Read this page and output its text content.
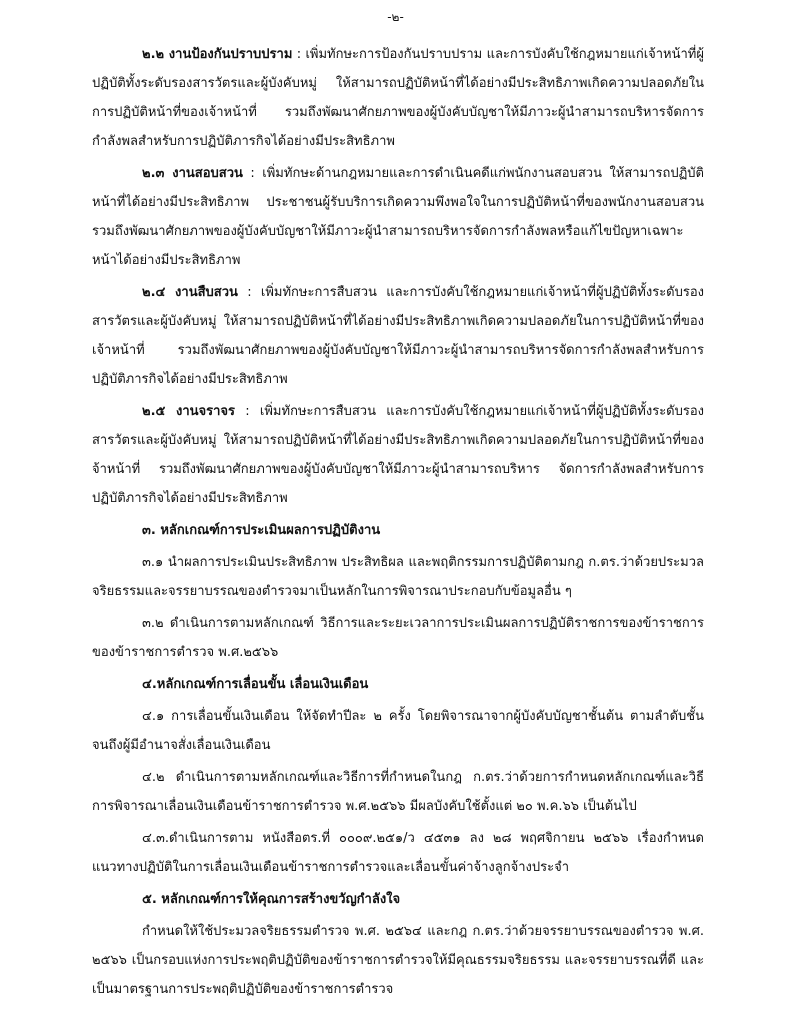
-๒-

๒.๒ งานป้องกันปราบปราม : เพิ่มทักษะการป้องกันปราบปราม และการบังคับใช้กฎหมายแก่เจ้าหน้าที่ผู้ปฏิบัติทั้งระดับรองสารวัตรและผู้บังคับหมู่ ให้สามารถปฏิบัติหน้าที่ได้อย่างมีประสิทธิภาพเกิดความปลอดภัยในการปฏิบัติหน้าที่ของเจ้าหน้าที่ รวมถึงพัฒนาศักยภาพของผู้บังคับบัญชาให้มีภาวะผู้นำสามารถบริหารจัดการกำลังพลสำหรับการปฏิบัติภารกิจได้อย่างมีประสิทธิภาพ

๒.๓ งานสอบสวน : เพิ่มทักษะด้านกฎหมายและการดำเนินคดีแก่พนักงานสอบสวน ให้สามารถปฏิบัติหน้าที่ได้อย่างมีประสิทธิภาพ ประชาชนผู้รับบริการเกิดความพึงพอใจในการปฏิบัติหน้าที่ของพนักงานสอบสวน รวมถึงพัฒนาศักยภาพของผู้บังคับบัญชาให้มีภาวะผู้นำสามารถบริหารจัดการกำลังพลหรือแก้ไขปัญหาเฉพาะหน้าได้อย่างมีประสิทธิภาพ

๒.๔ งานสืบสวน : เพิ่มทักษะการสืบสวน และการบังคับใช้กฎหมายแก่เจ้าหน้าที่ผู้ปฏิบัติทั้งระดับรองสารวัตรและผู้บังคับหมู่ ให้สามารถปฏิบัติหน้าที่ได้อย่างมีประสิทธิภาพเกิดความปลอดภัยในการปฏิบัติหน้าที่ของเจ้าหน้าที่ รวมถึงพัฒนาศักยภาพของผู้บังคับบัญชาให้มีภาวะผู้นำสามารถบริหารจัดการกำลังพลสำหรับการปฏิบัติภารกิจได้อย่างมีประสิทธิภาพ

๒.๕ งานจราจร : เพิ่มทักษะการสืบสวน และการบังคับใช้กฎหมายแก่เจ้าหน้าที่ผู้ปฏิบัติทั้งระดับรองสารวัตรและผู้บังคับหมู่ ให้สามารถปฏิบัติหน้าที่ได้อย่างมีประสิทธิภาพเกิดความปลอดภัยในการปฏิบัติหน้าที่ของจ้าหน้าที่ รวมถึงพัฒนาศักยภาพของผู้บังคับบัญชาให้มีภาวะผู้นำสามารถบริหาร จัดการกำลังพลสำหรับการปฏิบัติภารกิจได้อย่างมีประสิทธิภาพ

๓. หลักเกณฑ์การประเมินผลการปฏิบัติงาน

๓.๑ นำผลการประเมินประสิทธิภาพ ประสิทธิผล และพฤติกรรมการปฏิบัติตามกฎ ก.ตร.ว่าด้วยประมวลจริยธรรมและจรรยาบรรณของตำรวจมาเป็นหลักในการพิจารณาประกอบกับข้อมูลอื่น ๆ

๓.๒ ดำเนินการตามหลักเกณฑ์ วิธีการและระยะเวลาการประเมินผลการปฏิบัติราชการของข้าราชการของข้าราชการตำรวจ พ.ศ.๒๕๖๖

๔.หลักเกณฑ์การเลื่อนขั้น เลื่อนเงินเดือน

๔.๑ การเลื่อนขั้นเงินเดือน ให้จัดทำปีละ ๒ ครั้ง โดยพิจารณาจากผู้บังคับบัญชาชั้นต้น ตามลำดับชั้นจนถึงผู้มีอำนาจสั่งเลื่อนเงินเดือน

๔.๒ ดำเนินการตามหลักเกณฑ์และวิธีการที่กำหนดในกฎ ก.ตร.ว่าด้วยการกำหนดหลักเกณฑ์และวิธีการพิจารณาเลื่อนเงินเดือนข้าราชการตำรวจ พ.ศ.๒๕๖๖ มีผลบังคับใช้ตั้งแต่ ๒๐ พ.ค.๖๖ เป็นต้นไป

๔.๓.ดำเนินการตาม หนังสือตร.ที่ ๐๐๐๙.๒๕๑/ว ๔๕๓๑ ลง ๒๘ พฤศจิกายน ๒๕๖๖ เรื่องกำหนดแนวทางปฏิบัติในการเลื่อนเงินเดือนข้าราชการตำรวจและเลื่อนขั้นค่าจ้างลูกจ้างประจำ

๕. หลักเกณฑ์การให้คุณการสร้างขวัญกำลังใจ

กำหนดให้ใช้ประมวลจริยธรรมตำรวจ พ.ศ. ๒๕๖๔ และกฎ ก.ตร.ว่าด้วยจรรยาบรรณของตำรวจ พ.ศ. ๒๕๖๖ เป็นกรอบแห่งการประพฤติปฏิบัติของข้าราชการตำรวจให้มีคุณธรรมจริยธรรม และจรรยาบรรณที่ดี และเป็นมาตรฐานการประพฤติปฏิบัติของข้าราชการตำรวจ
